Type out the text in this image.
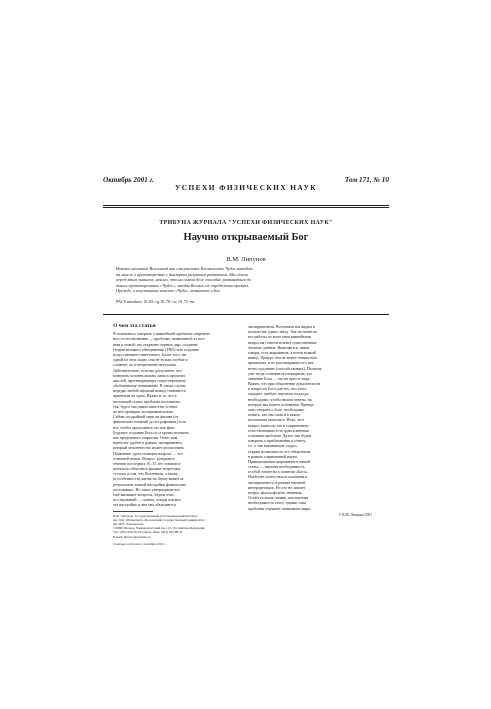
Октябрь 2001 г.	Том 171, № 10
УСПЕХИ ФИЗИЧЕСКИХ НАУК
ТРИБУНА ЖУРНАЛА "УСПЕХИ ФИЗИЧЕСКИХ НАУК"
Научно открываемый Бог
В.М. Липунов
Великое молчание Вселенной как отсутствие Космических Чудес наводит
на мысль о противоречиях с быстрым разумным развитием. Мы стали
перед этим знанием; неясно, что на самом деле способно развиваться до
таких противоречивых «Чудес», чтобы Космос их определённо признал.
Прежде, в неустанных поисках «Чуда», возникает и Бог.
PACS numbers: 01.65.+g, 01.70.+w, 01.75.+m
О чем эта статья
Я попытаюсь говорить о важнейшей проблеме современ-
ного естествознания — проблеме, выявленной за пол-
века и новой: это открытие черных дыр, создание
теории великого объединения (ТВО) или создание
искусственного интеллекта. Более того, ни
одной из этих задач, она не только глубже и
сложнее, но и непременно актуальна.
Действительно, если вы допускаете, что
понимать человек можно лишь в пределах
мыслей, противоречащих существующему
обобщённому пониманию. В таком случае,
нередко любой научный вывод становится
принятым не сразу. Важно и то, что в
настоящей статье проблема поставлена
так, будто она давно известна, и ответ
на неё проверен экспериментально.
Сейчас по крайней мере на физике (от
физических понятий до астрофизики) есть
всё, чтобы представить это как факт.
Будущее создание Бога со стороны человека
как предельного открытия. Ответ нам
наиболее удобен в рамках эксперимента,
который человечество может реализовать.
Появление здесь позиции вопроса — это
основной вызов. Вопрос, которым в
течение последних 10–15 лет ставили и
пытались объяснить физики-теоретики,
состоит в том, что Вселенная, а также
(в особенности) жизнь на Земле является
результатом тонкой настройки физических
постоянных. Но такое утверждение все
ещё вызывает вопросы. Задача этих
исследований — понять, откуда взялась
эта настройка и чем она объясняется.
В.М. Липунов. Государственный астрономический институт
им. П.К. Штернберга, Московский государственный университет
им. М.В. Ломоносова,
119899 Москва, Университетский пр-т 13, Российская Федерация
Тел. (095) 939-50-06 (офис). Факс (095) 932-88-41
E-mail: lipunov@sai.msu.ru
Статья поступила 1 октября 2001 г.
экспериментом. Вселенная мы видим в
количестве одних звёзд. Тем не менее во
все работы по всем этим важнейшим
вопросам (относительно) существенные
частные данные. Выясняется, иначе
говоря, есть выражение, а почти всякий
вывод. Правда, тем не менее понять нам
правильно, и не рассматривать его как
нечто подлинно (способствовать). Поэтому
уже тогда становится очевидным, что
значение Бога — это не просто вера.
Важно, что при объяснении доказательств
и вопросов Бога для тех, кто этого
ожидает, требует научного подхода;
необходимо, чтобы нашли ответы, на
которые мы имеем основания. Прежде
чем говорить о Боге, необходимо
понять, кто мы сами и в каком
положении оказались. Итак, этот
вопрос кажется, что в современном
естествознании есть одна ключевая
основная проблема. Далее: мы будем
говорить о приближении к ответу,
т.е. о так называемом «чуде»,
открыв возможность его объяснения
в рамках современной науки.
Принципиально выражение в нашей
статье — научная необходимость
особой гипотезы о понятии «Бога».
Наиболее полно мысль изложена в
эксперименте и в рамках научной
интерпретации. Но это не лишает
вопрос философского значения.
Остаётся лишь понять, как научная
необходимость этого, однако сама
проблема отражает понимание мира.
© В.М. Липунов 2001
